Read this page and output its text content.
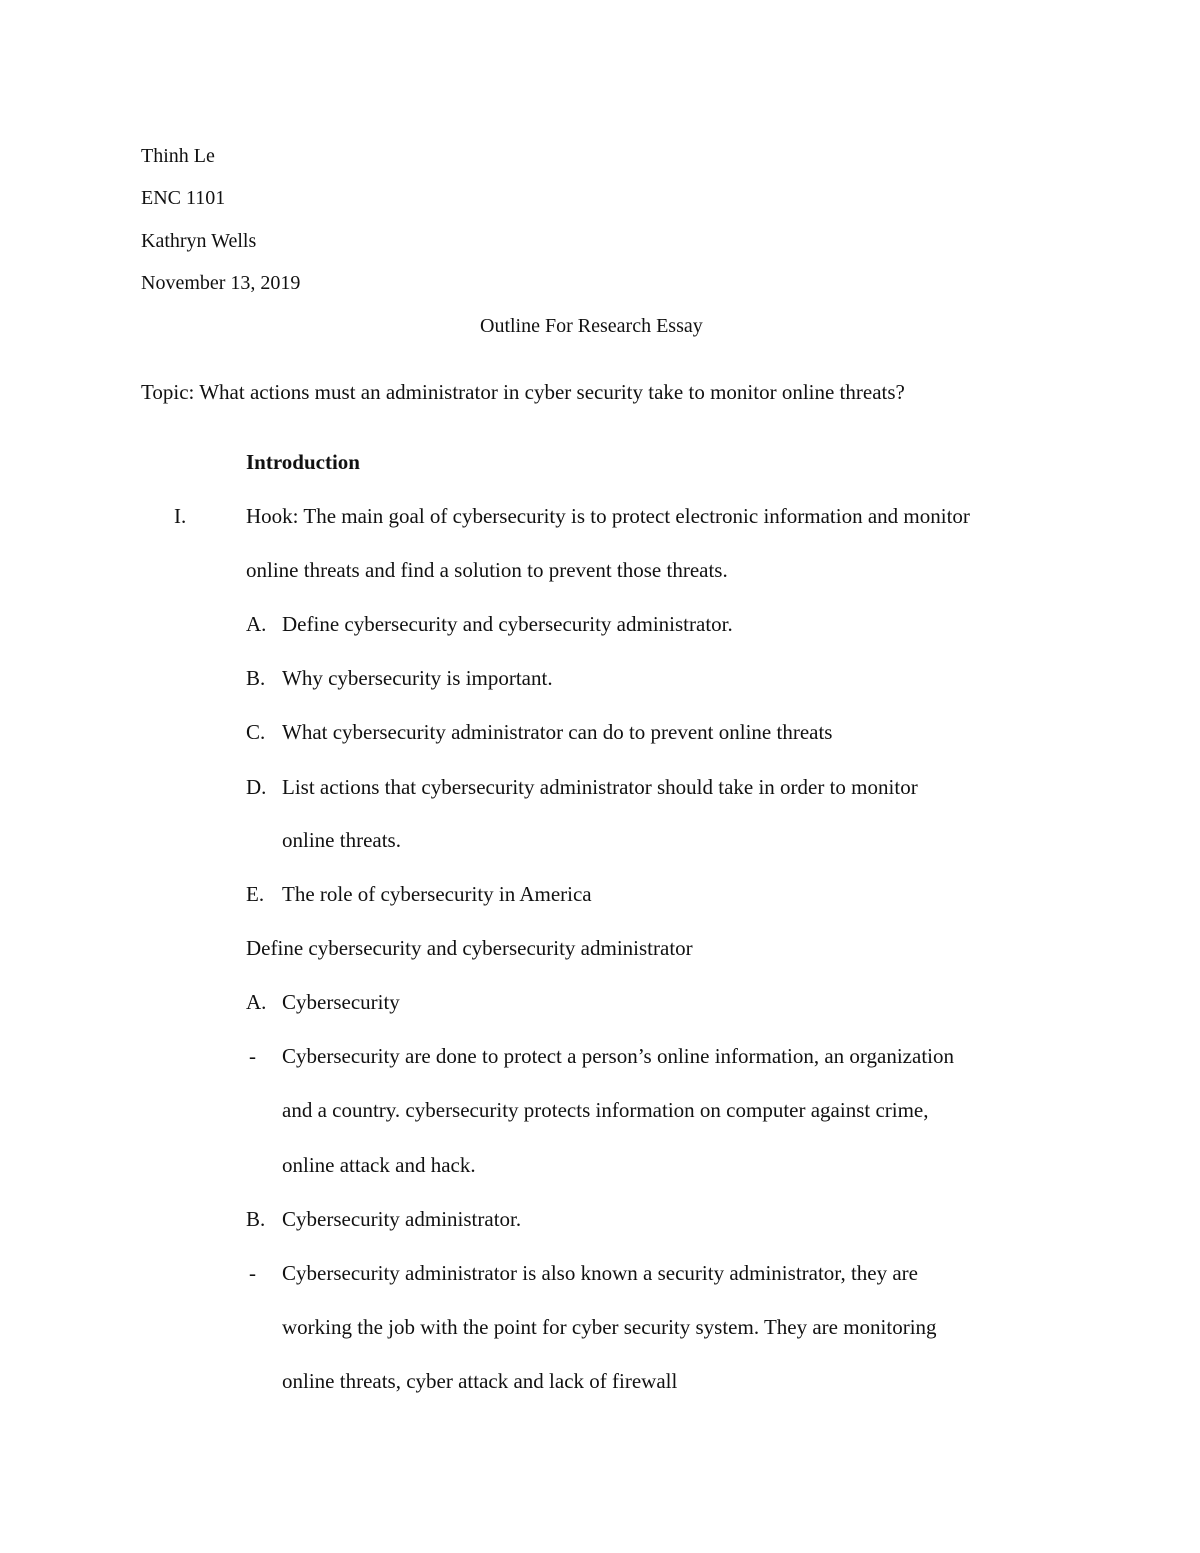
Thinh Le
ENC 1101
Kathryn Wells
November 13, 2019
Outline For Research Essay
Topic: What actions must an administrator in cyber security take to monitor online threats?
Introduction
I.	Hook: The main goal of cybersecurity is to protect electronic information and monitor
online threats and find a solution to prevent those threats.
A. Define cybersecurity and cybersecurity administrator.
B. Why cybersecurity is important.
C. What cybersecurity administrator can do to prevent online threats
D. List actions that cybersecurity administrator should take in order to monitor
online threats.
E. The role of cybersecurity in America
Define cybersecurity and cybersecurity administrator
A. Cybersecurity
- Cybersecurity are done to protect a person’s online information, an organization
and a country. cybersecurity protects information on computer against crime,
online attack and hack.
B. Cybersecurity administrator.
- Cybersecurity administrator is also known a security administrator, they are
working the job with the point for cyber security system. They are monitoring
online threats, cyber attack and lack of firewall
